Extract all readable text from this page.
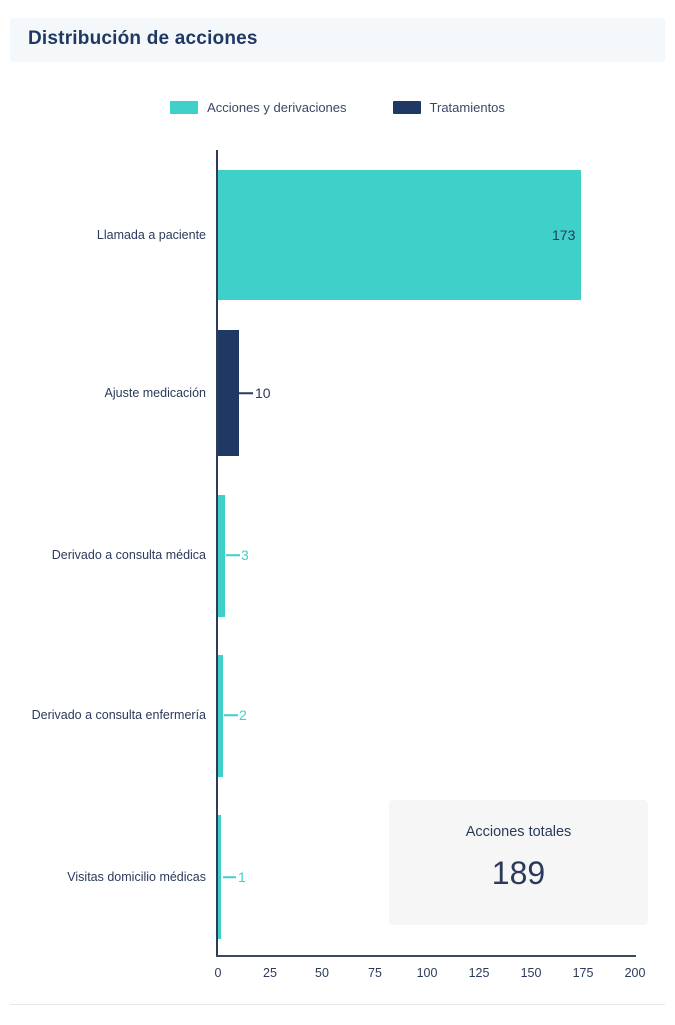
Distribución de acciones
Acciones y derivaciones	Tratamientos
Llamada a paciente	173
Ajuste medicación	10
Derivado a consulta médica	3
Derivado a consulta enfermería 2
Visitas domicilio médicas 1
0	25	50	75	100 125 150 175 200
Acciones totales
189
